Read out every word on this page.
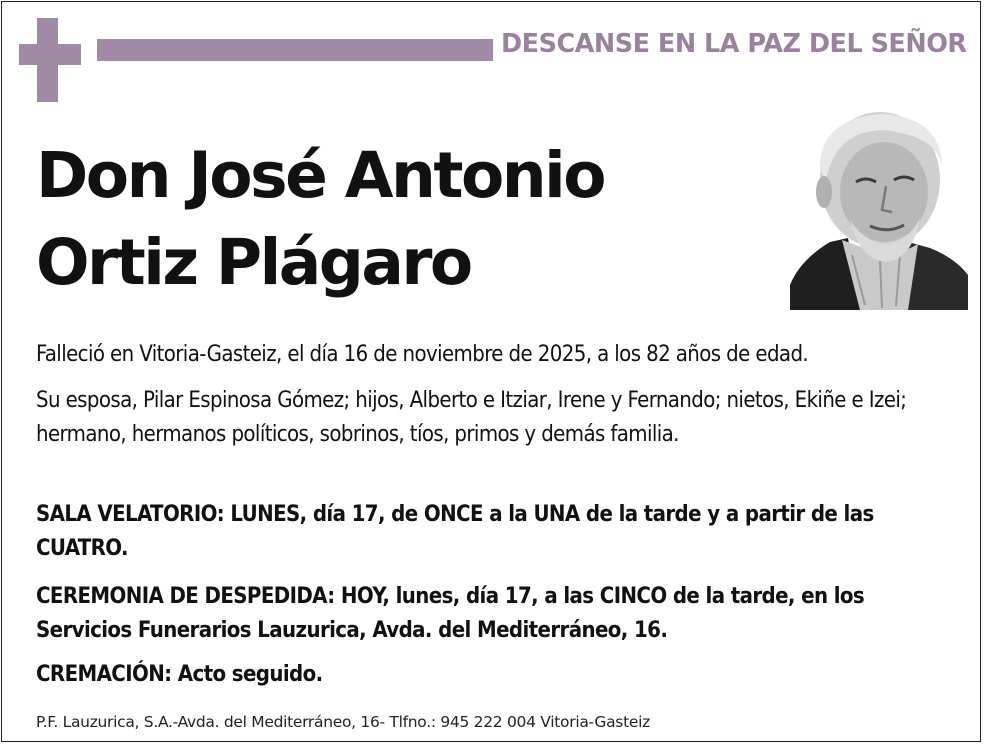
DESCANSE EN LA PAZ DEL SEÑOR
Don José Antonio
Ortiz Plágaro
Falleció en Vitoria-Gasteiz, el día 16 de noviembre de 2025, a los 82 años de edad.
Su esposa, Pilar Espinosa Gómez; hijos, Alberto e Itziar, Irene y Fernando; nietos, Ekiñe e Izei; hermano, hermanos políticos, sobrinos, tíos, primos y demás familia.
SALA VELATORIO: LUNES, día 17, de ONCE a la UNA de la tarde y a partir de las CUATRO.
CEREMONIA DE DESPEDIDA: HOY, lunes, día 17, a las CINCO de la tarde, en los Servicios Funerarios Lauzurica, Avda. del Mediterráneo, 16.
CREMACIÓN: Acto seguido.
P.F. Lauzurica, S.A.-Avda. del Mediterráneo, 16- Tlfno.: 945 222 004 Vitoria-Gasteiz
